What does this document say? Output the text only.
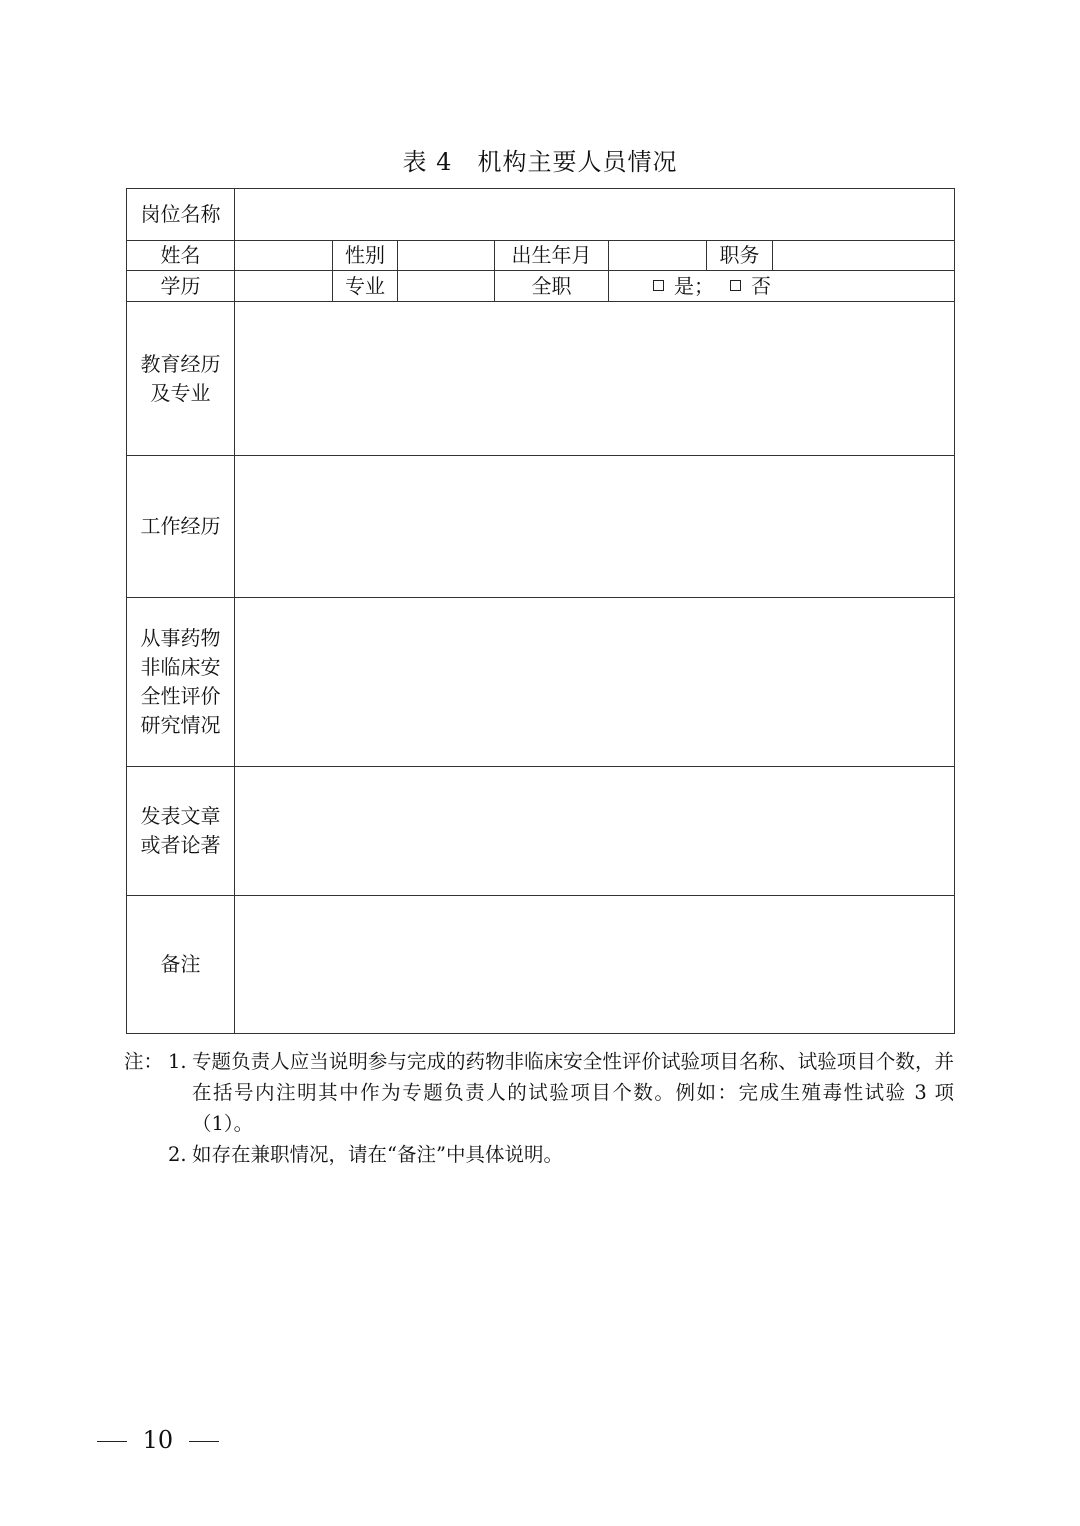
表 4　机构主要人员情况
岗位名称							
姓名		性别		出生年月		职务	
学历		专业		全职	是；　否		

教育经历
及专业							

工作经历							

从事药物
非临床安
全性评价
研究情况							

发表文章
或者论著							

备注							
注： 1. 专题负责人应当说明参与完成的药物非临床安全性评价试验项目名称、试验项目个数，并在括号内注明其中作为专题负责人的试验项目个数。例如：完成生殖毒性试验 3 项（1）。
2. 如存在兼职情况，请在“备注”中具体说明。
10
